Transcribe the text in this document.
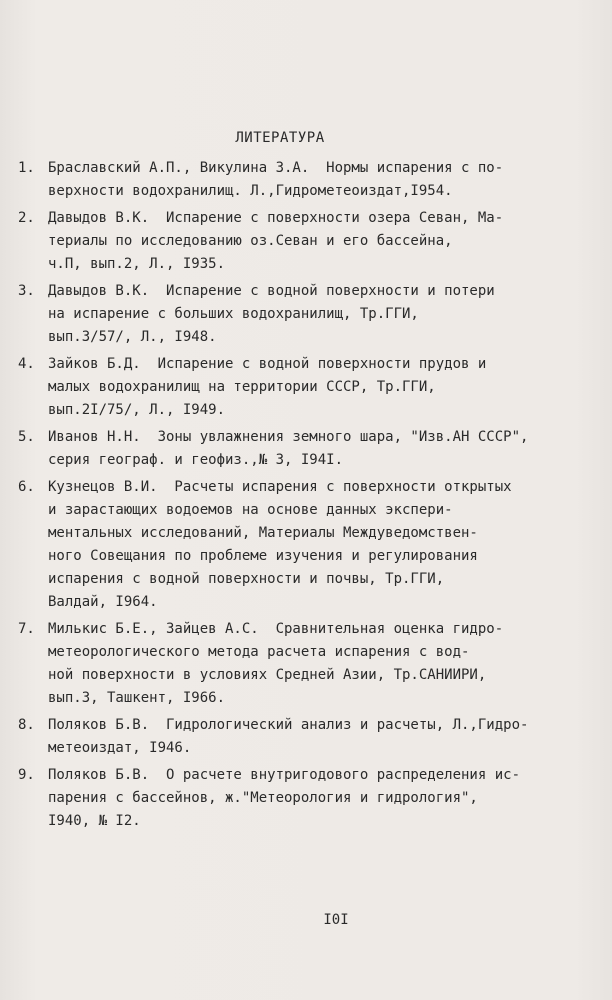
ЛИТЕРАТУРА
1. Браславский А.П., Викулина З.А.  Нормы испарения с по-
верхности водохранилищ. Л.,Гидрометеоиздат,I954.
2. Давыдов В.К.  Испарение с поверхности озера Севан, Ма-
териалы по исследованию оз.Севан и его бассейна,
ч.П, вып.2, Л., I935.
3. Давыдов В.К.  Испарение с водной поверхности и потери
на испарение с больших водохранилищ, Тр.ГГИ,
вып.3/57/, Л., I948.
4. Зайков Б.Д.  Испарение с водной поверхности прудов и
малых водохранилищ на территории СССР, Тр.ГГИ,
вып.2I/75/, Л., I949.
5. Иванов Н.Н.  Зоны увлажнения земного шара, "Изв.АН СССР",
серия географ. и геофиз.,№ 3, I94I.
6. Кузнецов В.И.  Расчеты испарения с поверхности открытых
и зарастающих водоемов на основе данных экспери-
ментальных исследований, Материалы Междуведомствен-
ного Совещания по проблеме изучения и регулирования
испарения с водной поверхности и почвы, Тр.ГГИ,
Валдай, I964.
7. Милькис Б.Е., Зайцев А.С.  Сравнительная оценка гидро-
метеорологического метода расчета испарения с вод-
ной поверхности в условиях Средней Азии, Тр.САНИИРИ,
вып.3, Ташкент, I966.
8. Поляков Б.В.  Гидрологический анализ и расчеты, Л.,Гидро-
метеоиздат, I946.
9. Поляков Б.В.  О расчете внутригодового распределения ис-
парения с бассейнов, ж."Метеорология и гидрология",
I940, № I2.
I0I
